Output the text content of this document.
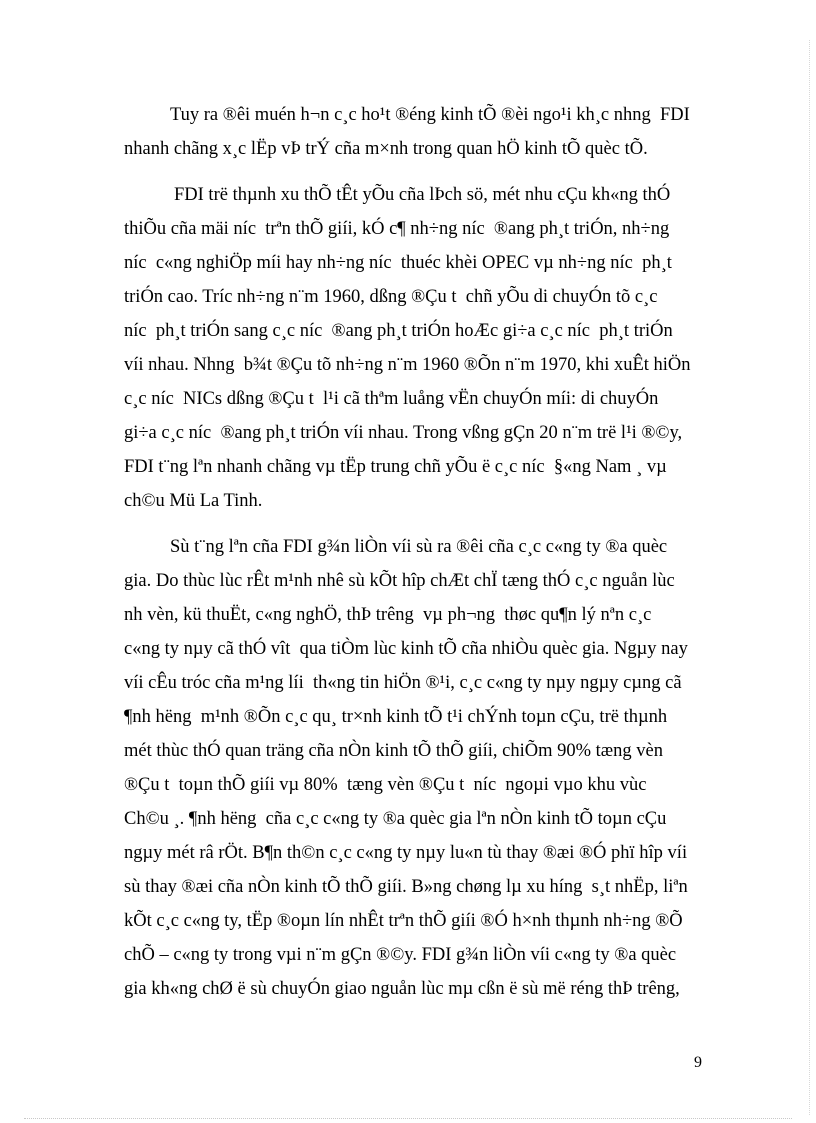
Tuy ra ®êi muén h¬n c¸c ho¹t ®éng kinh tÕ ®èi ngo¹i kh¸c nhng  FDI
nhanh chãng x¸c lËp vÞ trÝ cña m×nh trong quan hÖ kinh tÕ quèc tÕ.
FDI trë thµnh xu thÕ tÊt yÕu cña lÞch sö, mét nhu cÇu kh«ng thÓ
thiÕu cña mäi níc  trªn thÕ giíi, kÓ c¶ nh÷ng níc  ®ang ph¸t triÓn, nh÷ng
níc  c«ng nghiÖp míi hay nh÷ng níc  thuéc khèi OPEC vµ nh÷ng níc  ph¸t
triÓn cao. Tríc nh÷ng n¨m 1960, dßng ®Çu t  chñ yÕu di chuyÓn tõ c¸c
níc  ph¸t triÓn sang c¸c níc  ®ang ph¸t triÓn hoÆc gi÷a c¸c níc  ph¸t triÓn
víi nhau. Nhng  b¾t ®Çu tõ nh÷ng n¨m 1960 ®Õn n¨m 1970, khi xuÊt hiÖn
c¸c níc  NICs dßng ®Çu t  l¹i cã thªm luång vËn chuyÓn míi: di chuyÓn
gi÷a c¸c níc  ®ang ph¸t triÓn víi nhau. Trong vßng gÇn 20 n¨m trë l¹i ®©y,
FDI t¨ng lªn nhanh chãng vµ tËp trung chñ yÕu ë c¸c níc  §«ng Nam ¸ vµ
ch©u Mü La Tinh.
Sù t¨ng lªn cña FDI g¾n liÒn víi sù ra ®êi cña c¸c c«ng ty ®a quèc
gia. Do thùc lùc rÊt m¹nh nhê sù kÕt hîp chÆt chÏ tæng thÓ c¸c nguån lùc
nh vèn, kü thuËt, c«ng nghÖ, thÞ trêng  vµ ph¬ng  thøc qu¶n lý nªn c¸c
c«ng ty nµy cã thÓ vît  qua tiÒm lùc kinh tÕ cña nhiÒu quèc gia. Ngµy nay
víi cÊu tróc cña m¹ng líi  th«ng tin hiÖn ®¹i, c¸c c«ng ty nµy ngµy cµng cã
¶nh hëng  m¹nh ®Õn c¸c qu¸ tr×nh kinh tÕ t¹i chÝnh toµn cÇu, trë thµnh
mét thùc thÓ quan träng cña nÒn kinh tÕ thÕ giíi, chiÕm 90% tæng vèn
®Çu t  toµn thÕ giíi vµ 80%  tæng vèn ®Çu t  níc  ngoµi vµo khu vùc
Ch©u ¸. ¶nh hëng  cña c¸c c«ng ty ®a quèc gia lªn nÒn kinh tÕ toµn cÇu
ngµy mét râ rÖt. B¶n th©n c¸c c«ng ty nµy lu«n tù thay ®æi ®Ó phï hîp víi
sù thay ®æi cña nÒn kinh tÕ thÕ giíi. B»ng chøng lµ xu híng  s¸t nhËp, liªn
kÕt c¸c c«ng ty, tËp ®oµn lín nhÊt trªn thÕ giíi ®Ó h×nh thµnh nh÷ng ®Õ
chÕ – c«ng ty trong vµi n¨m gÇn ®©y. FDI g¾n liÒn víi c«ng ty ®a quèc
gia kh«ng chØ ë sù chuyÓn giao nguån lùc mµ cßn ë sù më réng thÞ trêng,
9
